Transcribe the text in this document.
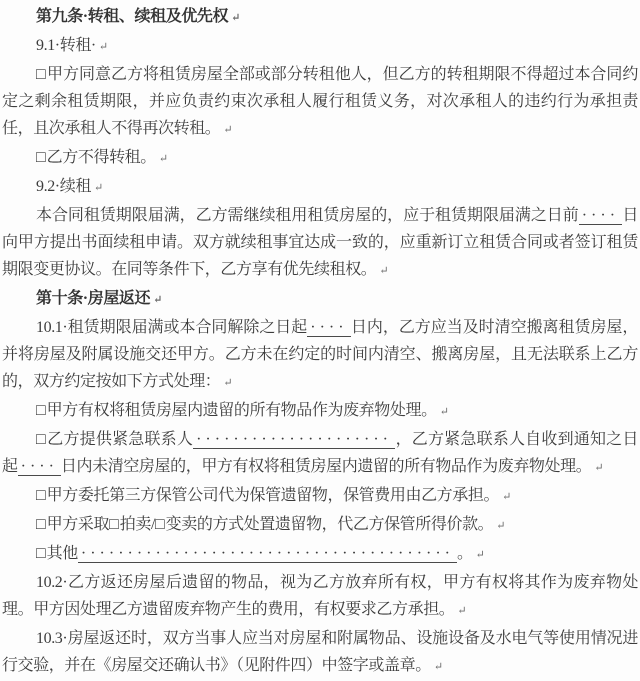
第九条·转租、续租及优先权 ↵

9.1·转租· ↵

□甲方同意乙方将租赁房屋全部或部分转租他人，但乙方的转租期限不得超过本合同约定之剩余租赁期限，并应负责约束次承租人履行租赁义务，对次承租人的违约行为承担责任，且次承租人不得再次转租。 ↵

□乙方不得转租。 ↵

9.2·续租 ↵

本合同租赁期限届满，乙方需继续租用租赁房屋的，应于租赁期限届满之日前 ···· 日向甲方提出书面续租申请。双方就续租事宜达成一致的，应重新订立租赁合同或者签订租赁期限变更协议。在同等条件下，乙方享有优先续租权。 ↵

第十条·房屋返还 ↵

10.1·租赁期限届满或本合同解除之日起 ···· 日内，乙方应当及时清空搬离租赁房屋，并将房屋及附属设施交还甲方。乙方未在约定的时间内清空、搬离房屋，且无法联系上乙方的，双方约定按如下方式处理： ↵

□甲方有权将租赁房屋内遗留的所有物品作为废弃物处理。 ↵

□乙方提供紧急联系人 ····················· ，乙方紧急联系人自收到通知之日起 ···· 日内未清空房屋的，甲方有权将租赁房屋内遗留的所有物品作为废弃物处理。 ↵

□甲方委托第三方保管公司代为保管遗留物，保管费用由乙方承担。 ↵

□甲方采取□拍卖/□变卖的方式处置遗留物，代乙方保管所得价款。 ↵

□其他 ········································ 。 ↵

10.2·乙方返还房屋后遗留的物品，视为乙方放弃所有权，甲方有权将其作为废弃物处理。甲方因处理乙方遗留废弃物产生的费用，有权要求乙方承担。 ↵

10.3·房屋返还时，双方当事人应当对房屋和附属物品、设施设备及水电气等使用情况进行交验，并在《房屋交还确认书》（见附件四）中签字或盖章。 ↵
